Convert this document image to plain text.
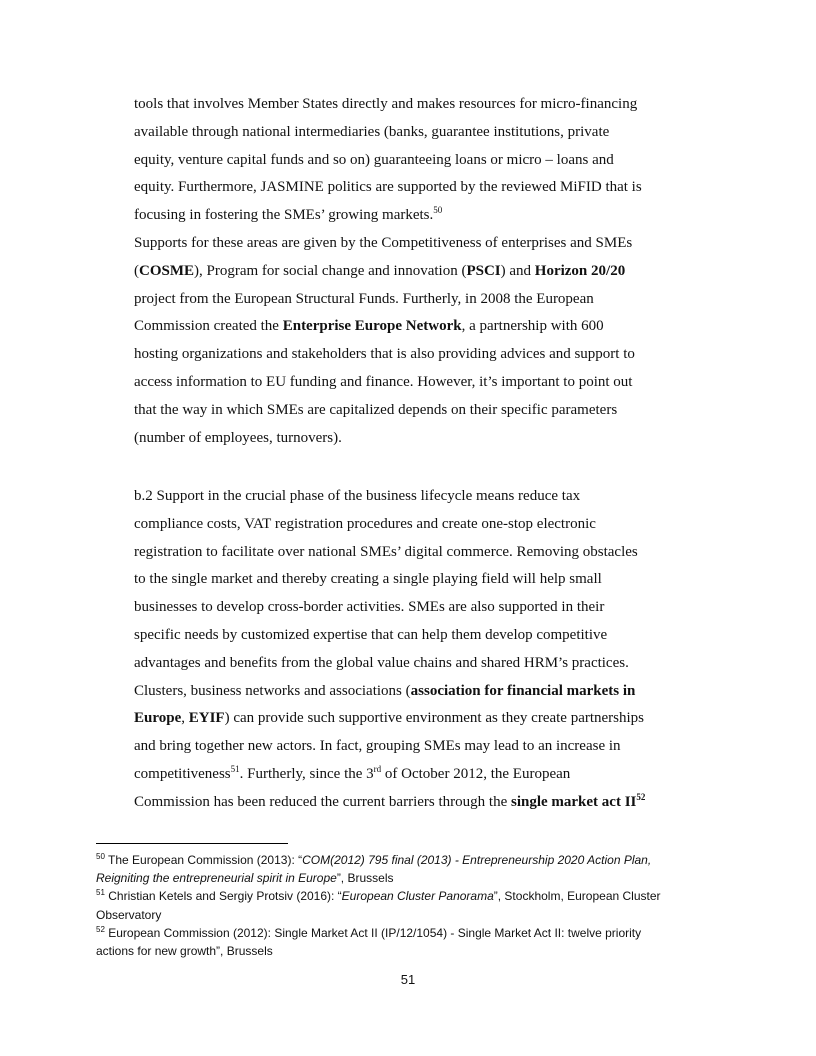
tools that involves Member States directly and makes resources for micro-financing
available through national intermediaries (banks, guarantee institutions, private
equity, venture capital funds and so on) guaranteeing loans or micro – loans and
equity. Furthermore, JASMINE politics are supported by the reviewed MiFID that is
focusing in fostering the SMEs’ growing markets.$^{50}$

Supports for these areas are given by the Competitiveness of enterprises and SMEs
(COSME), Program for social change and innovation (PSCI) and Horizon 20/20
project from the European Structural Funds. Furtherly, in 2008 the European
Commission created the Enterprise Europe Network, a partnership with 600
hosting organizations and stakeholders that is also providing advices and support to
access information to EU funding and finance. However, it’s important to point out
that the way in which SMEs are capitalized depends on their specific parameters
(number of employees, turnovers).

b.2 Support in the crucial phase of the business lifecycle means reduce tax
compliance costs, VAT registration procedures and create one-stop electronic
registration to facilitate over national SMEs’ digital commerce. Removing obstacles
to the single market and thereby creating a single playing field will help small
businesses to develop cross-border activities. SMEs are also supported in their
specific needs by customized expertise that can help them develop competitive
advantages and benefits from the global value chains and shared HRM’s practices.
Clusters, business networks and associations (association for financial markets in
Europe, EYIF) can provide such supportive environment as they create partnerships
and bring together new actors. In fact, grouping SMEs may lead to an increase in
competitiveness$^{51}$. Furtherly, since the 3rd of October 2012, the European
Commission has been reduced the current barriers through the single market act II$^{52}$

$^{50}$ The European Commission (2013): “COM(2012) 795 final (2013) - Entrepreneurship 2020 Action Plan,
Reigniting the entrepreneurial spirit in Europe”, Brussels
$^{51}$ Christian Ketels and Sergiy Protsiv (2016): “European Cluster Panorama”, Stockholm, European Cluster
Observatory
$^{52}$ European Commission (2012): Single Market Act II (IP/12/1054) - Single Market Act II: twelve priority
actions for new growth”, Brussels
51
